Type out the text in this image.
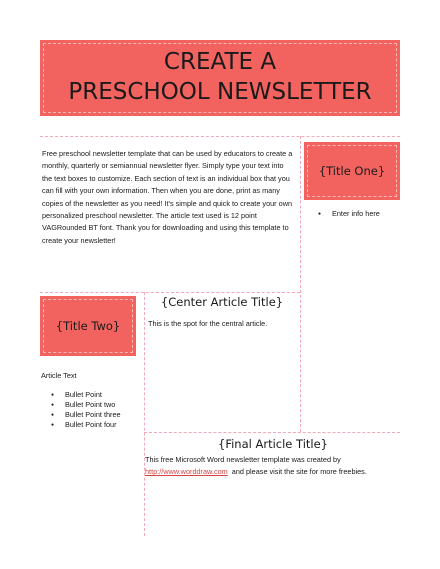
CREATE A
PRESCHOOL NEWSLETTER
Free preschool newsletter template that can be used by educators to create a monthly, quarterly or semiannual newsletter flyer. Simply type your text into the text boxes to customize. Each section of text is an individual box that you can fill with your own information. Then when you are done, print as many copies of the newsletter as you need! It's simple and quick to create your own personalized preschool newsletter. The article text used is 12 point VAGRounded BT font. Thank you for downloading and using this template to create your newsletter!
{Title One}
● Enter info here
{Title Two}
Article Text
● Bullet Point
● Bullet Point two
● Bullet Point three
● Bullet Point four
{Center Article Title}
This is the spot for the central article.
{Final Article Title}
This free Microsoft Word newsletter template was created by
http://www.worddraw.com and please visit the site for more freebies.
